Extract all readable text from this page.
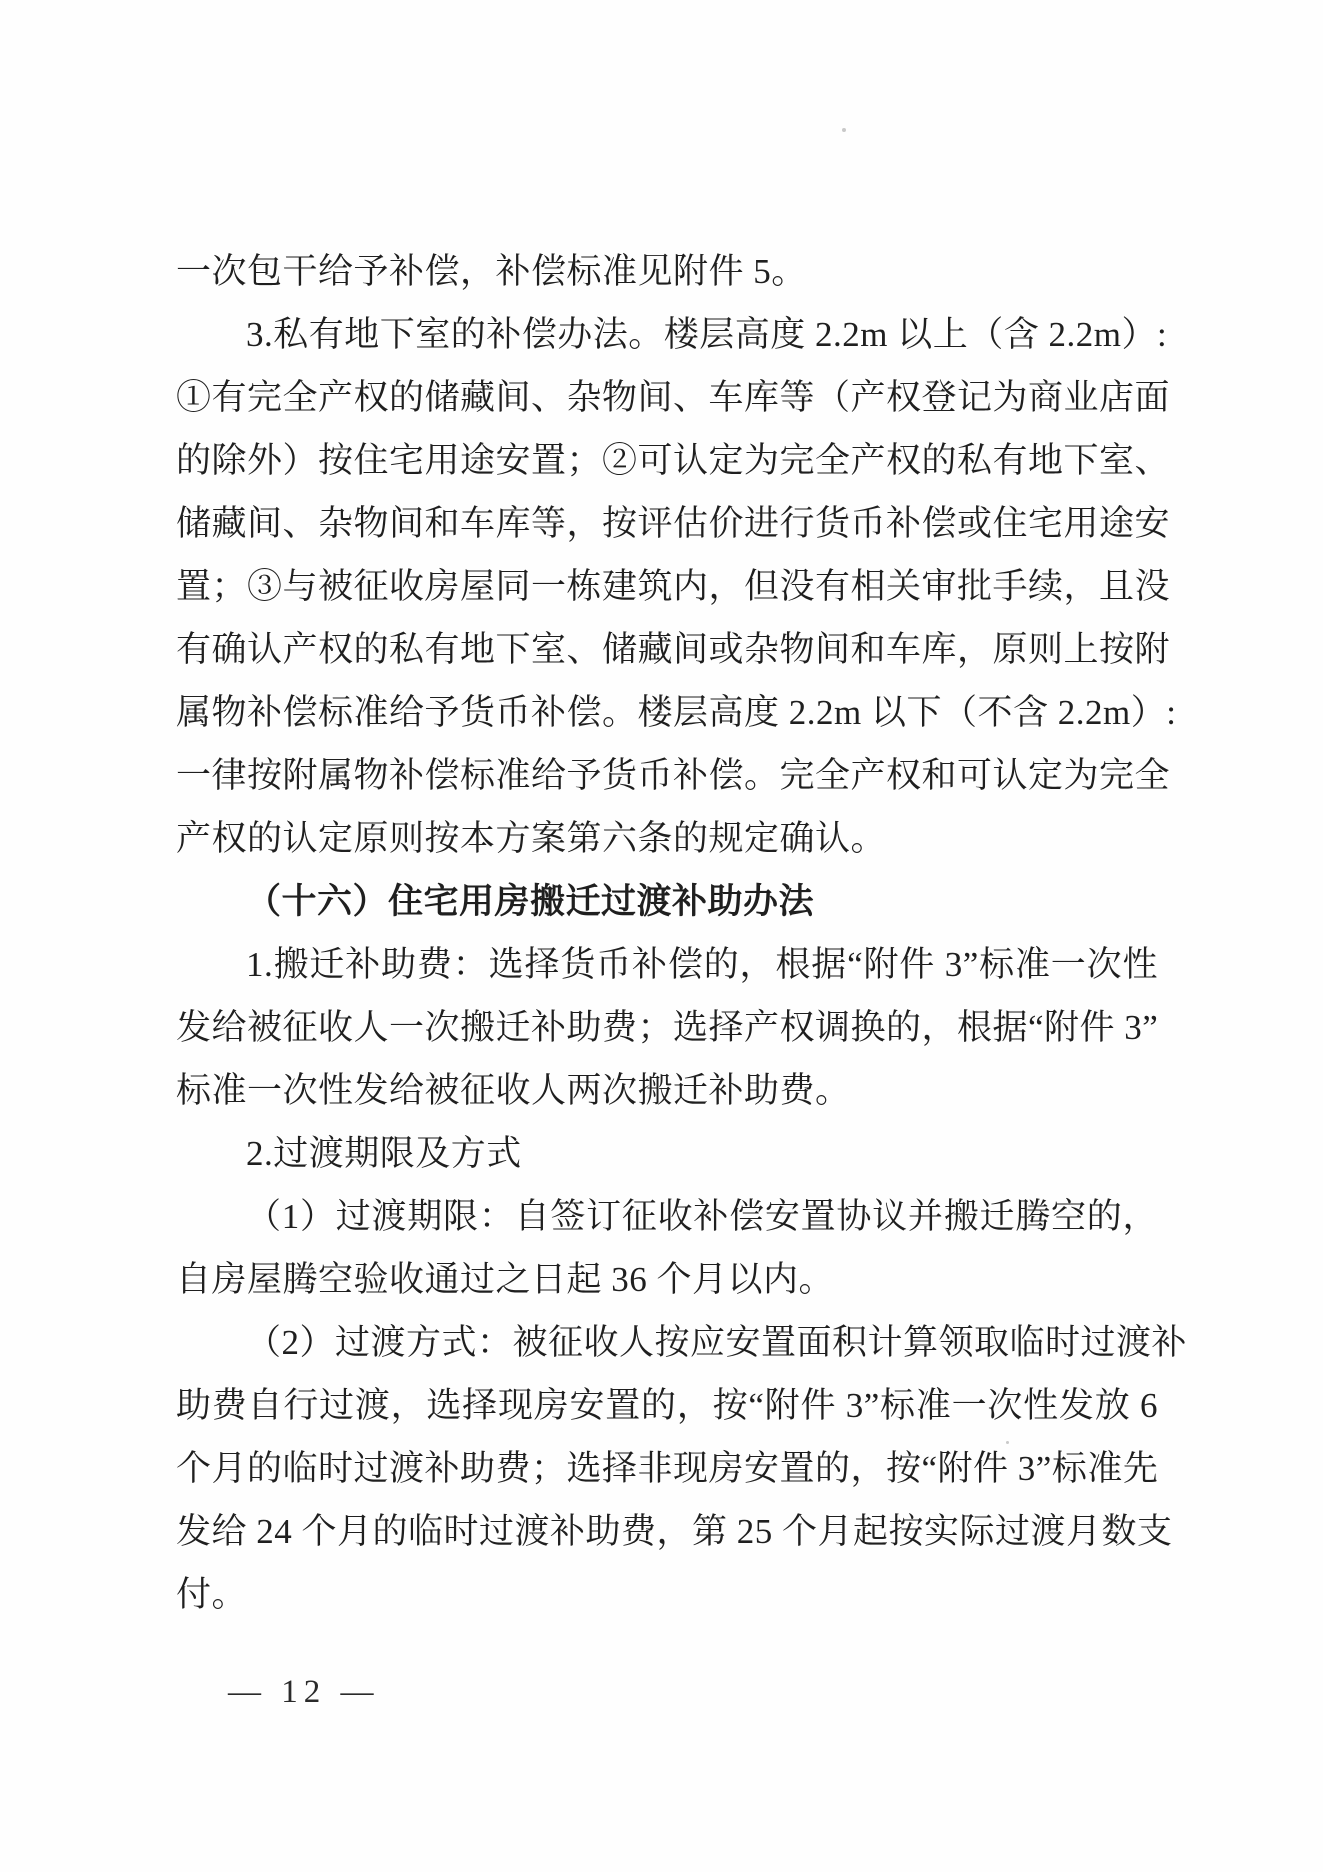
一次包干给予补偿，补偿标准见附件 5。

3.私有地下室的补偿办法。楼层高度 2.2m 以上（含 2.2m）:

①有完全产权的储藏间、杂物间、车库等（产权登记为商业店面

的除外）按住宅用途安置；②可认定为完全产权的私有地下室、

储藏间、杂物间和车库等，按评估价进行货币补偿或住宅用途安

置；③与被征收房屋同一栋建筑内，但没有相关审批手续，且没

有确认产权的私有地下室、储藏间或杂物间和车库，原则上按附

属物补偿标准给予货币补偿。楼层高度 2.2m 以下（不含 2.2m）:

一律按附属物补偿标准给予货币补偿。完全产权和可认定为完全

产权的认定原则按本方案第六条的规定确认。

（十六）住宅用房搬迁过渡补助办法

1.搬迁补助费：选择货币补偿的，根据“附件 3”标准一次性

发给被征收人一次搬迁补助费；选择产权调换的，根据“附件 3”

标准一次性发给被征收人两次搬迁补助费。

2.过渡期限及方式

（1）过渡期限：自签订征收补偿安置协议并搬迁腾空的，

自房屋腾空验收通过之日起 36 个月以内。

（2）过渡方式：被征收人按应安置面积计算领取临时过渡补

助费自行过渡，选择现房安置的，按“附件 3”标准一次性发放 6

个月的临时过渡补助费；选择非现房安置的，按“附件 3”标准先

发给 24 个月的临时过渡补助费，第 25 个月起按实际过渡月数支

付。

— 12 —
